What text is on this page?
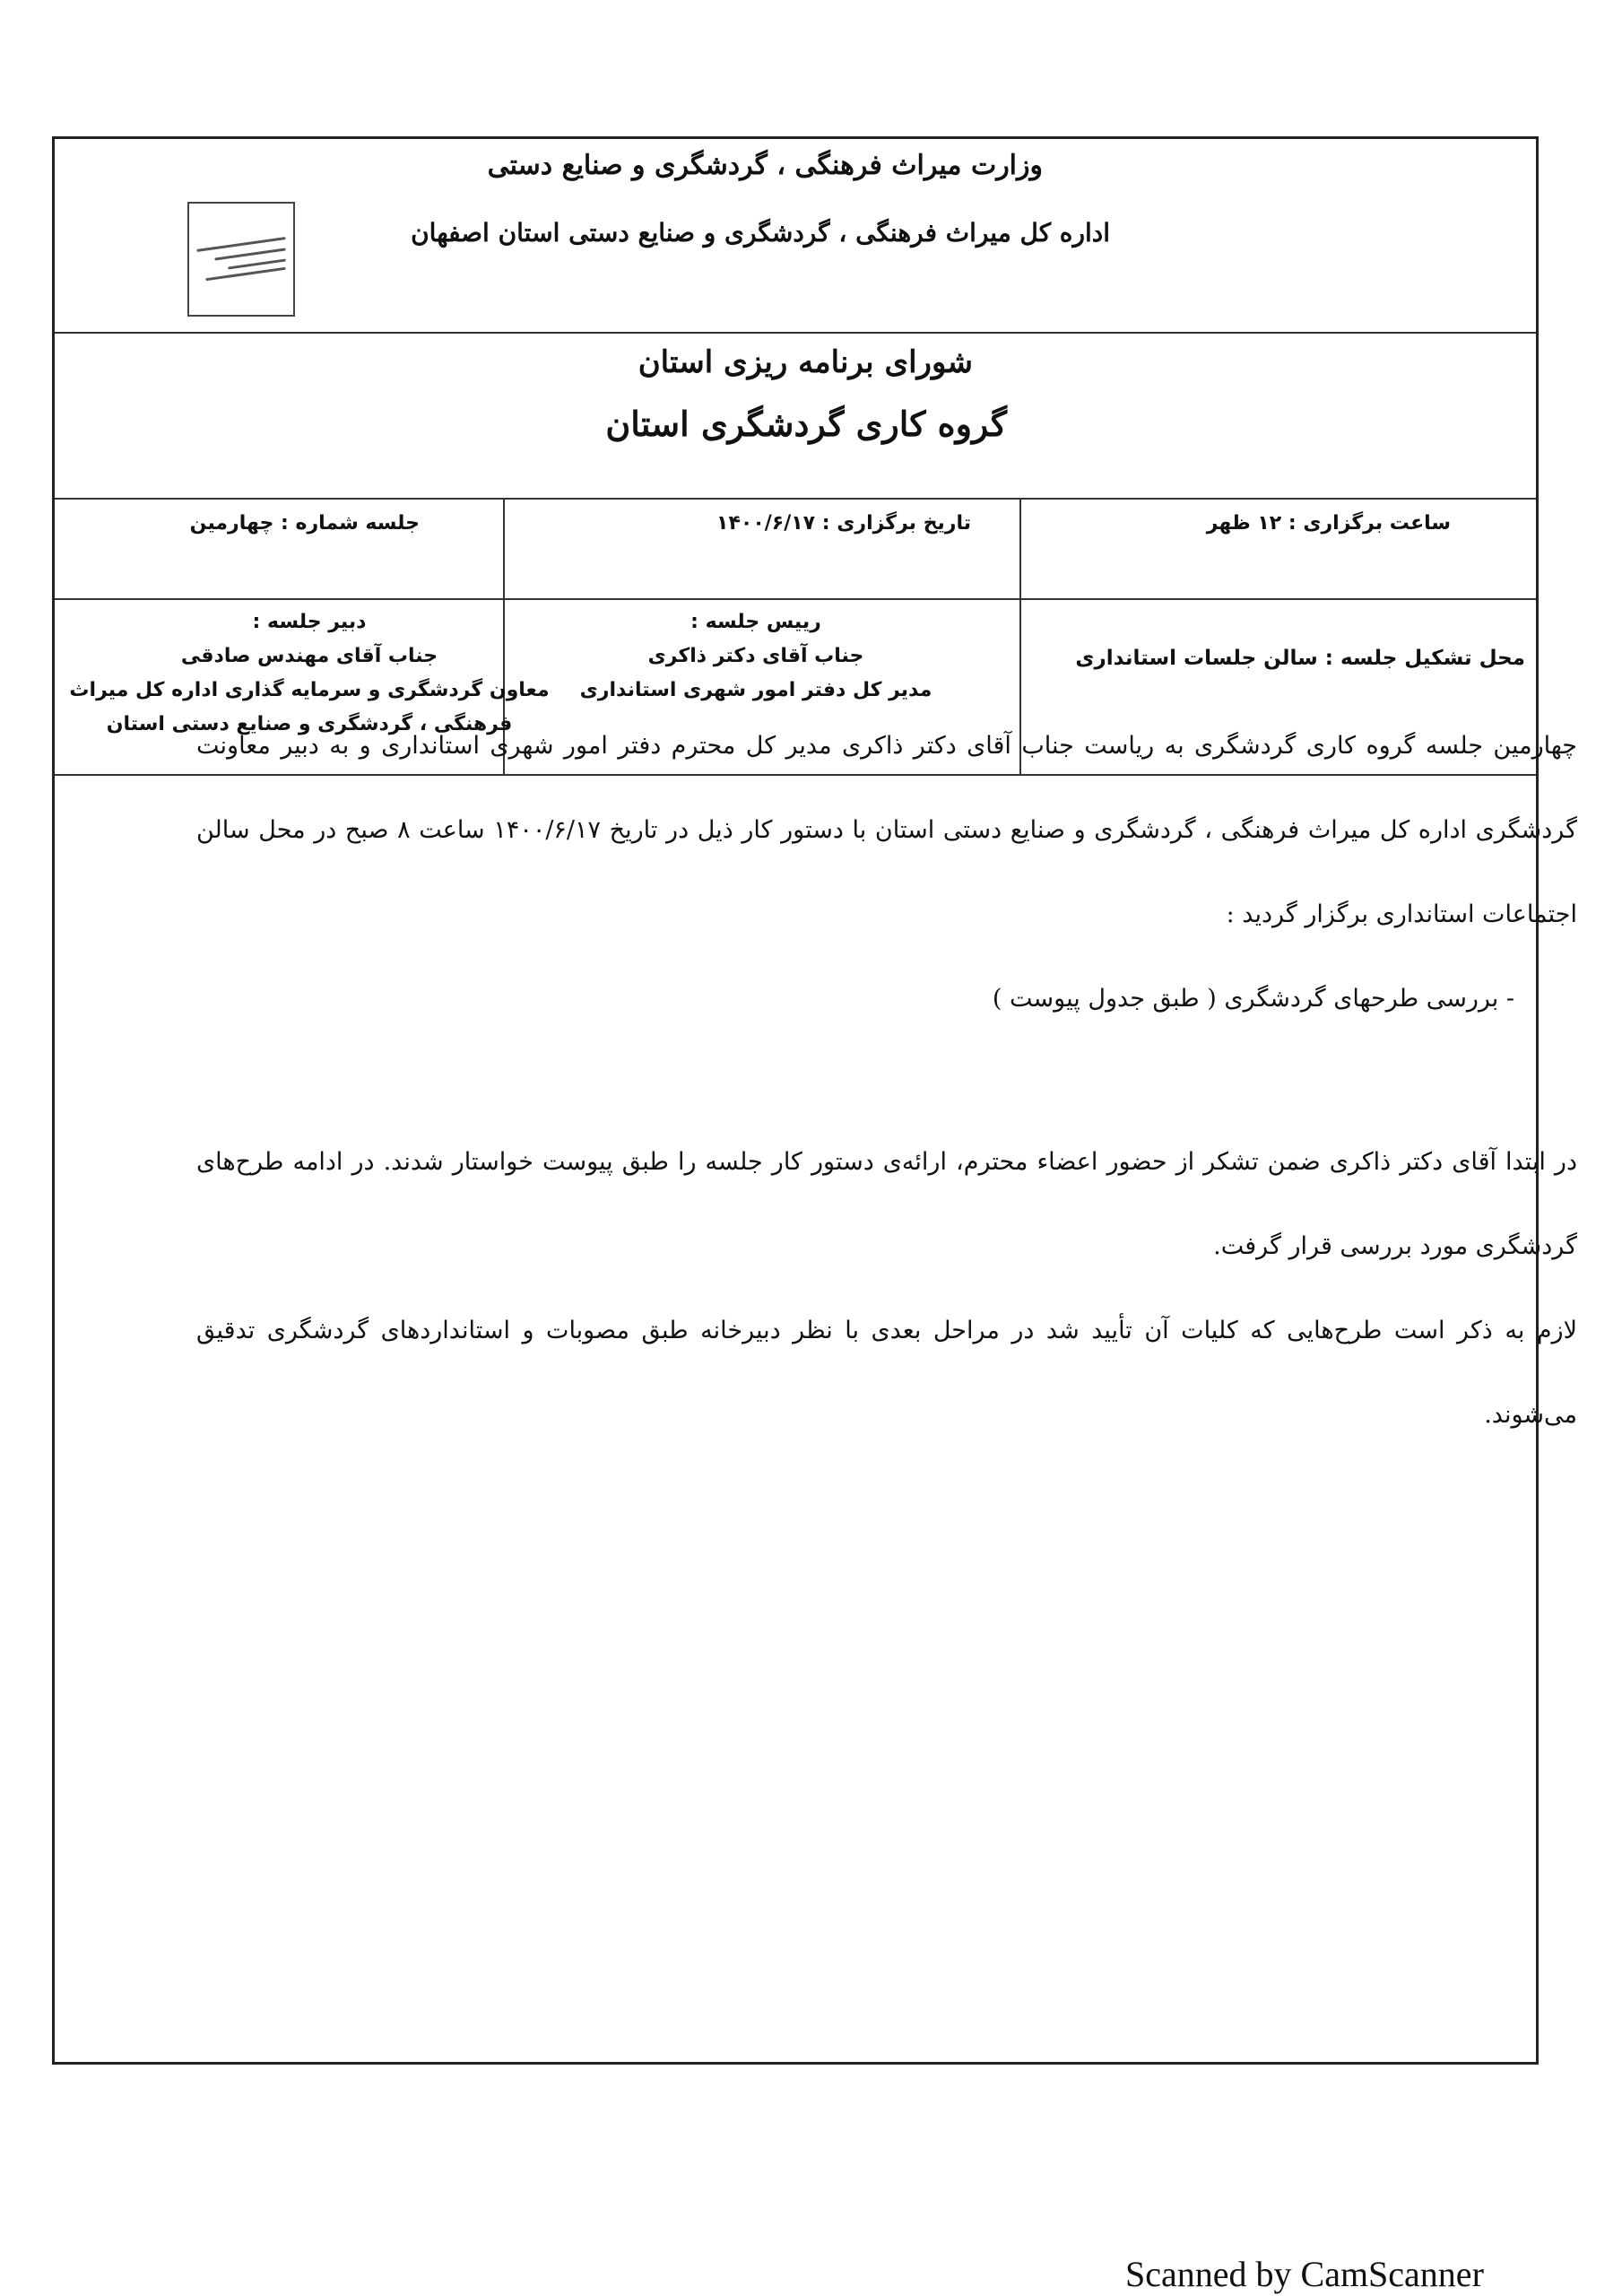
وزارت میراث فرهنگی ، گردشگری و صنایع دستی
اداره کل میراث فرهنگی ، گردشگری و صنایع دستی استان اصفهان
شورای برنامه ریزی استان
گروه کاری گردشگری استان
ساعت برگزاری : ۱۲ ظهر
تاریخ برگزاری : ۱۴۰۰/۶/۱۷
جلسه شماره : چهارمین
محل تشکیل جلسه : سالن جلسات استانداری
رییس جلسه :
جناب آقای دکتر ذاکری
مدیر کل دفتر امور شهری استانداری
دبیر جلسه :
جناب آقای مهندس صادقی
معاون گردشگری و سرمایه گذاری اداره کل میراث
فرهنگی ، گردشگری و صنایع دستی استان

چهارمین جلسه گروه کاری گردشگری به ریاست جناب آقای دکتر ذاکری مدیر کل محترم دفتر امور شهری استانداری و به دبیر معاونت گردشگری اداره کل میراث فرهنگی ، گردشگری و صنایع دستی استان با دستور کار ذیل در تاریخ ۱۴۰۰/۶/۱۷ ساعت ۸ صبح در محل سالن اجتماعات استانداری برگزار گردید :

- بررسی طرحهای گردشگری ( طبق جدول پیوست )

در ابتدا آقای دکتر ذاکری ضمن تشکر از حضور اعضاء محترم، ارائه‌ی دستور کار جلسه را طبق پیوست خواستار شدند. در ادامه طرح‌های گردشگری مورد بررسی قرار گرفت.

لازم به ذکر است طرح‌هایی که کلیات آن تأیید شد در مراحل بعدی با نظر دبیرخانه طبق مصوبات و استانداردهای گردشگری تدقیق می‌شوند.

Scanned by CamScanner
